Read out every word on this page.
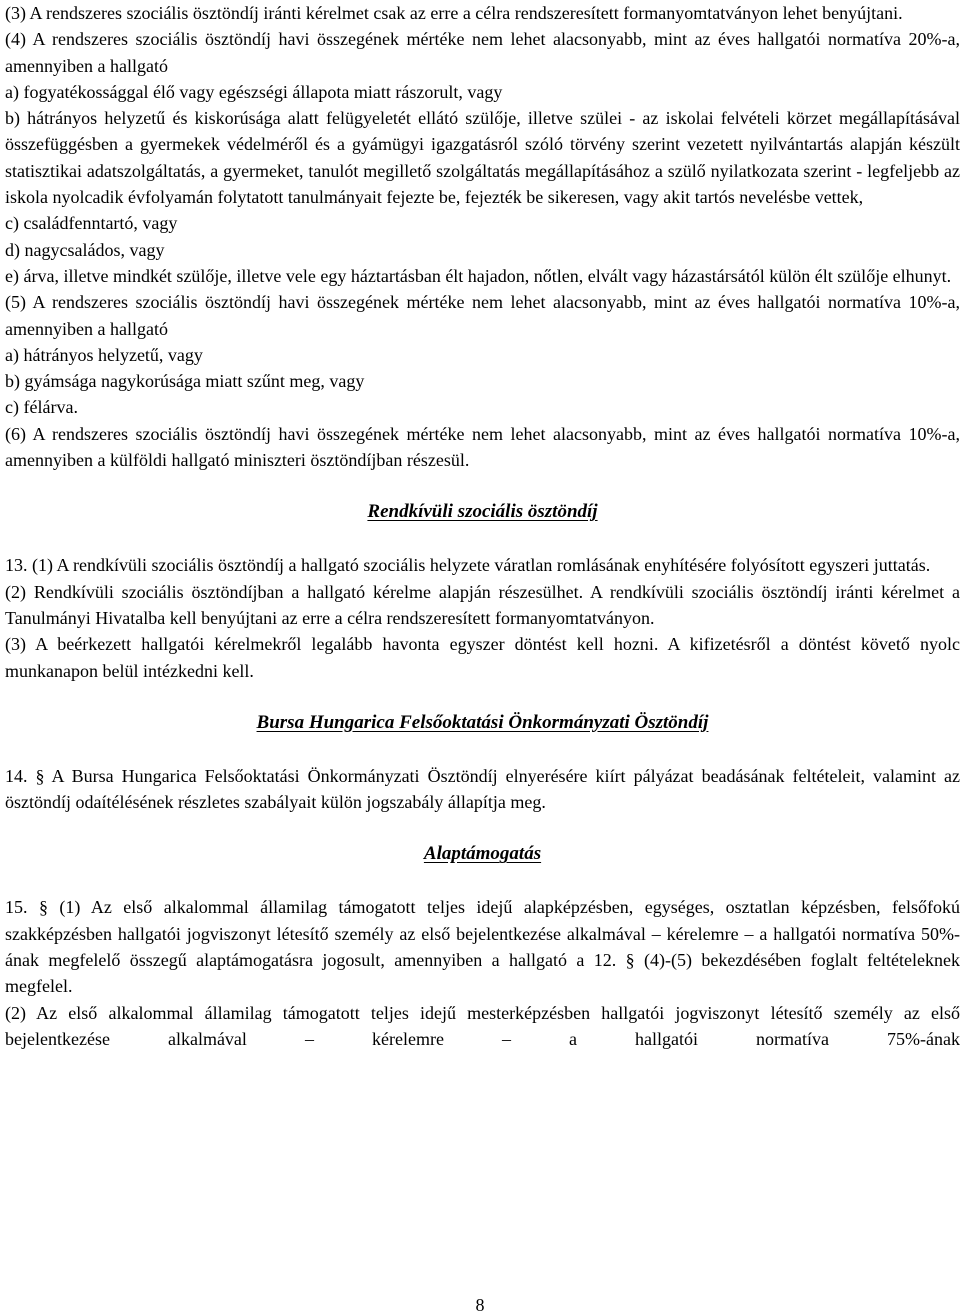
(3) A rendszeres szociális ösztöndíj iránti kérelmet csak az erre a célra rendszeresített formanyomtatványon lehet benyújtani.

(4) A rendszeres szociális ösztöndíj havi összegének mértéke nem lehet alacsonyabb, mint az éves hallgatói normatíva 20%-a, amennyiben a hallgató

a) fogyatékossággal élő vagy egészségi állapota miatt rászorult, vagy

b) hátrányos helyzetű és kiskorúsága alatt felügyeletét ellátó szülője, illetve szülei - az iskolai felvételi körzet megállapításával összefüggésben a gyermekek védelméről és a gyámügyi igazgatásról szóló törvény szerint vezetett nyilvántartás alapján készült statisztikai adatszolgáltatás, a gyermeket, tanulót megillető szolgáltatás megállapításához a szülő nyilatkozata szerint - legfeljebb az iskola nyolcadik évfolyamán folytatott tanulmányait fejezte be, fejezték be sikeresen, vagy akit tartós nevelésbe vettek,

c) családfenntartó, vagy

d) nagycsaládos, vagy

e) árva, illetve mindkét szülője, illetve vele egy háztartásban élt hajadon, nőtlen, elvált vagy házastársától külön élt szülője elhunyt.

(5) A rendszeres szociális ösztöndíj havi összegének mértéke nem lehet alacsonyabb, mint az éves hallgatói normatíva 10%-a, amennyiben a hallgató

a) hátrányos helyzetű, vagy

b) gyámsága nagykorúsága miatt szűnt meg, vagy

c) félárva.

(6) A rendszeres szociális ösztöndíj havi összegének mértéke nem lehet alacsonyabb, mint az éves hallgatói normatíva 10%-a, amennyiben a külföldi hallgató miniszteri ösztöndíjban részesül.

Rendkívüli szociális ösztöndíj

13. (1) A rendkívüli szociális ösztöndíj a hallgató szociális helyzete váratlan romlásának enyhítésére folyósított egyszeri juttatás.

(2) Rendkívüli szociális ösztöndíjban a hallgató kérelme alapján részesülhet. A rendkívüli szociális ösztöndíj iránti kérelmet a Tanulmányi Hivatalba kell benyújtani az erre a célra rendszeresített formanyomtatványon.

(3) A beérkezett hallgatói kérelmekről legalább havonta egyszer döntést kell hozni. A kifizetésről a döntést követő nyolc munkanapon belül intézkedni kell.

Bursa Hungarica Felsőoktatási Önkormányzati Ösztöndíj

14. § A Bursa Hungarica Felsőoktatási Önkormányzati Ösztöndíj elnyerésére kiírt pályázat beadásának feltételeit, valamint az ösztöndíj odaítélésének részletes szabályait külön jogszabály állapítja meg.

Alaptámogatás

15. § (1) Az első alkalommal államilag támogatott teljes idejű alapképzésben, egységes, osztatlan képzésben, felsőfokú szakképzésben hallgatói jogviszonyt létesítő személy az első bejelentkezése alkalmával – kérelemre – a hallgatói normatíva 50%-ának megfelelő összegű alaptámogatásra jogosult, amennyiben a hallgató a 12. § (4)-(5) bekezdésében foglalt feltételeknek megfelel.

(2) Az első alkalommal államilag támogatott teljes idejű mesterképzésben hallgatói jogviszonyt létesítő személy az első bejelentkezése alkalmával – kérelemre – a hallgatói normatíva 75%-ának

8
